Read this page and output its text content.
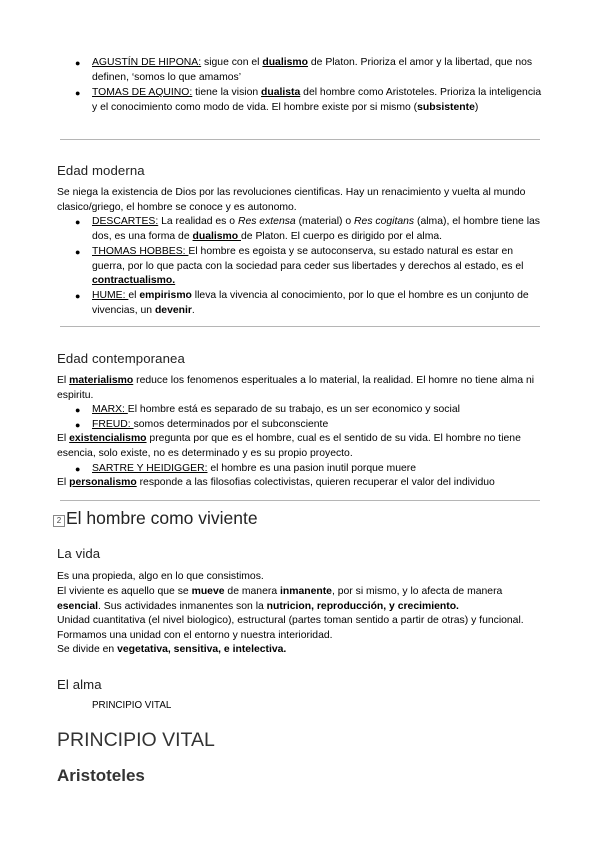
● AGUSTÍN DE HIPONA: sigue con el dualismo de Platon. Prioriza el amor y la libertad, que nos definen, ‘somos lo que amamos’
● TOMAS DE AQUINO: tiene la vision dualista del hombre como Aristoteles. Prioriza la inteligencia y el conocimiento como modo de vida. El hombre existe por si mismo (subsistente)
Edad moderna
Se niega la existencia de Dios por las revoluciones cientificas. Hay un renacimiento y vuelta al mundo clasico/griego, el hombre se conoce y es autonomo.
● DESCARTES: La realidad es o Res extensa (material) o Res cogitans (alma), el hombre tiene las dos, es una forma de dualismo de Platon. El cuerpo es dirigido por el alma.
● THOMAS HOBBES: El hombre es egoista y se autoconserva, su estado natural es estar en guerra, por lo que pacta con la sociedad para ceder sus libertades y derechos al estado, es el contractualismo.
● HUME: el empirismo lleva la vivencia al conocimiento, por lo que el hombre es un conjunto de vivencias, un devenir.
Edad contemporanea
El materialismo reduce los fenomenos esperituales a lo material, la realidad. El homre no tiene alma ni espiritu.
● MARX: El hombre está es separado de su trabajo, es un ser economico y social
● FREUD: somos determinados por el subconsciente
El existencialismo pregunta por que es el hombre, cual es el sentido de su vida. El hombre no tiene esencia, solo existe, no es determinado y es su propio proyecto.
● SARTRE Y HEIDIGGER: el hombre es una pasion inutil porque muere
El personalismo responde a las filosofias colectivistas, quieren recuperar el valor del individuo
2 El hombre como viviente
La vida
Es una propieda, algo en lo que consistimos.
El viviente es aquello que se mueve de manera inmanente, por si mismo, y lo afecta de manera esencial. Sus actividades inmanentes son la nutricion, reproducción, y crecimiento.
Unidad cuantitativa (el nivel biologico), estructural (partes toman sentido a partir de otras) y funcional. Formamos una unidad con el entorno y nuestra interioridad.
Se divide en vegetativa, sensitiva, e intelectiva.
El alma
PRINCIPIO VITAL
PRINCIPIO VITAL
Aristoteles
